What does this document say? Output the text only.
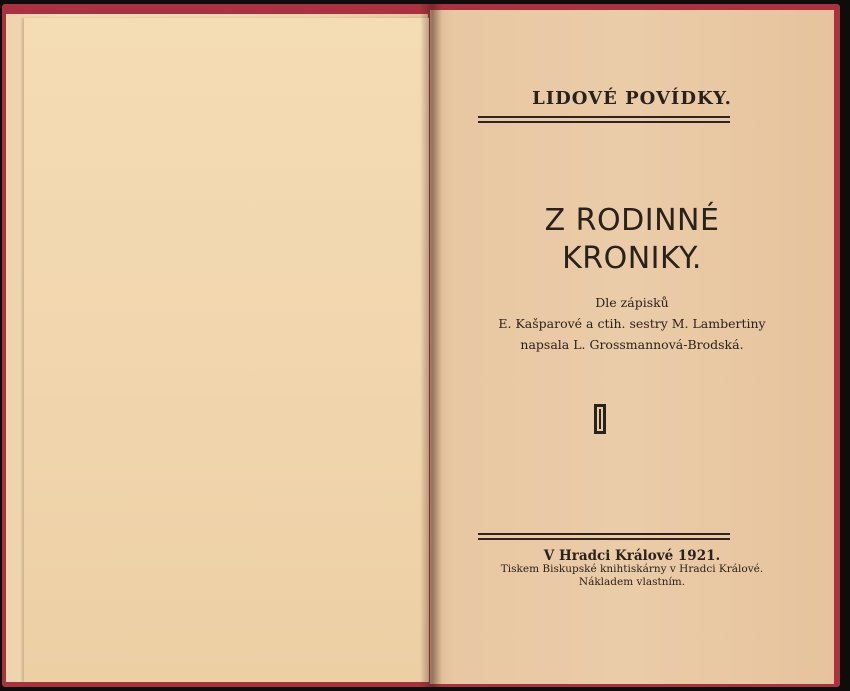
LIDOVÉ POVÍDKY.
Z RODINNÉ
KRONIKY.
Dle zápisků
E. Kašparové a ctih. sestry M. Lambertiny
napsala L. Grossmannová-Brodská.
V Hradci Králové 1921.
Tiskem Biskupské knihtiskárny v Hradci Králové.
Nákladem vlastním.
